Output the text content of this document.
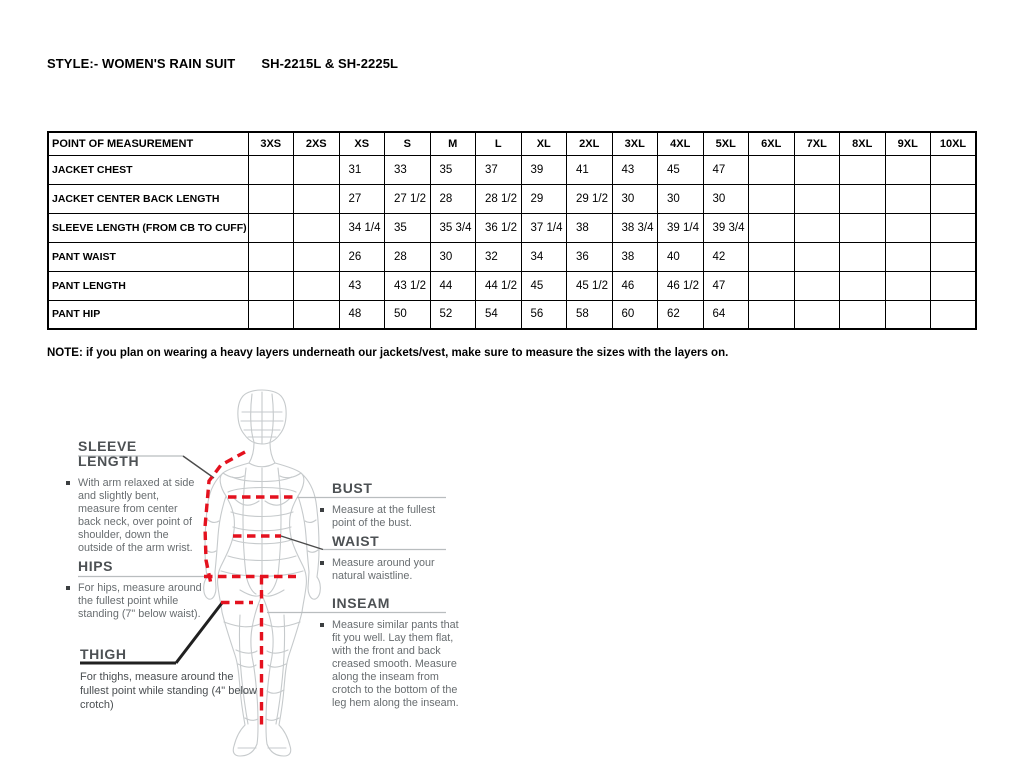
STYLE:- WOMEN'S RAIN SUIT SH-2215L & SH-2225L
POINT OF MEASUREMENT	3XS	2XS	XS	S	M	L	XL	2XL	3XL	4XL	5XL	6XL	7XL	8XL	9XL	10XL
JACKET CHEST			31	33	35	37	39	41	43	45	47					
JACKET CENTER BACK LENGTH			27	27 1/2	28	28 1/2	29	29 1/2	30	30	30					
SLEEVE LENGTH (FROM CB TO CUFF)			34 1/4	35	35 3/4	36 1/2	37 1/4	38	38 3/4	39 1/4	39 3/4					
PANT WAIST			26	28	30	32	34	36	38	40	42					
PANT LENGTH			43	43 1/2	44	44 1/2	45	45 1/2	46	46 1/2	47					
PANT HIP			48	50	52	54	56	58	60	62	64					
NOTE: if you plan on wearing a heavy layers underneath our jackets/vest, make sure to measure the sizes with the layers on.
SLEEVE LENGTH
With arm relaxed at side and slightly bent, measure from center back neck, over point of shoulder, down the outside of the arm wrist.
HIPS
For hips, measure around the fullest point while standing (7" below waist).
THIGH
For thighs, measure around the fullest point while standing (4" below crotch)
BUST
Measure at the fullest point of the bust.
WAIST
Measure around your natural waistline.
INSEAM
Measure similar pants that fit you well. Lay them flat, with the front and back creased smooth. Measure along the inseam from crotch to the bottom of the leg hem along the inseam.
